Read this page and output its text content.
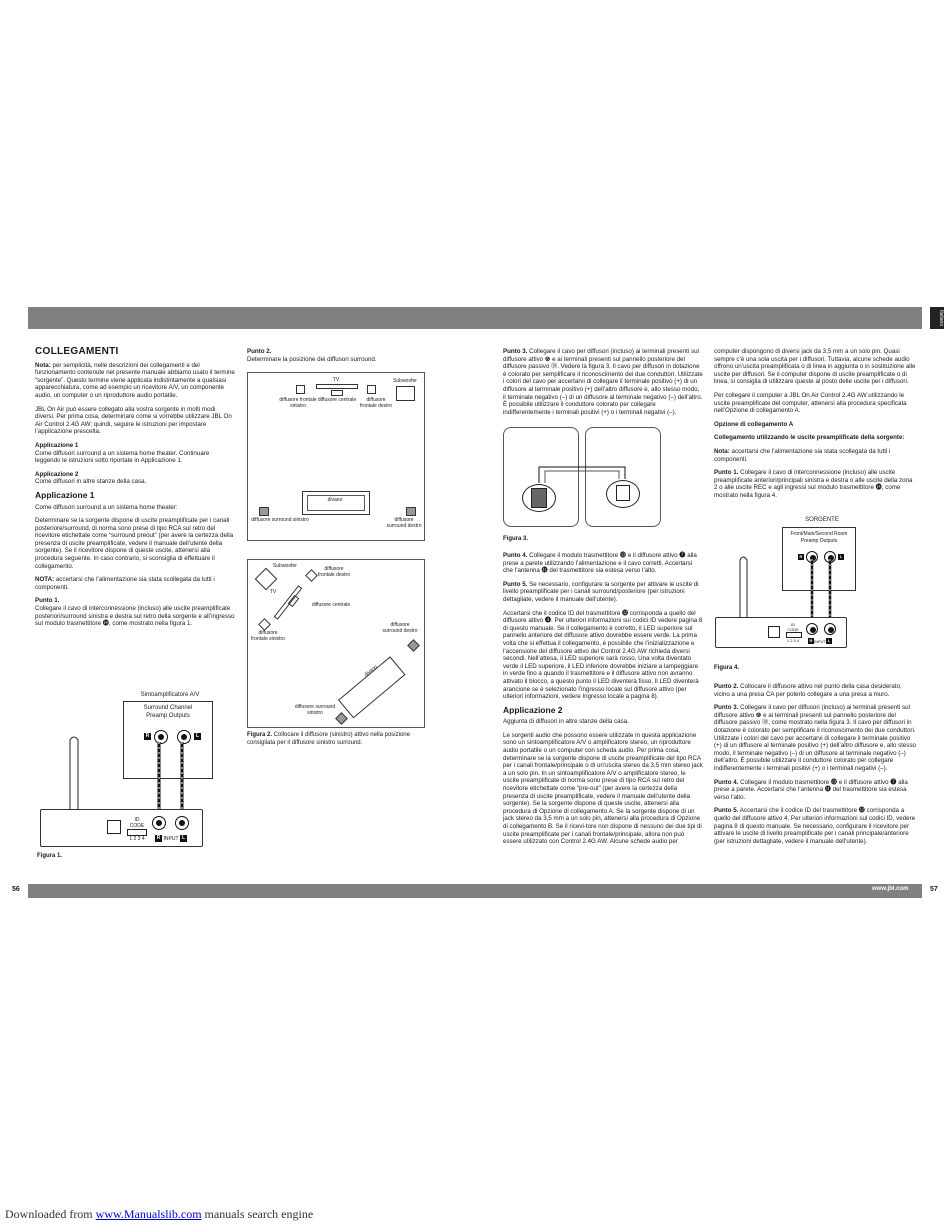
Italiano
COLLEGAMENTI

Nota: per semplicità, nelle descrizioni dei collegamenti e del funzionamento contenute nel presente manuale abbiamo usato il termine “sorgente”. Questo termine viene applicata indistintamente a qualsiasi apparecchiatura, come ad esempio un ricevitore A/V, un componente audio, un computer o un riproduttore audio portatile.

JBL On Air può essere collegato alla vostra sorgente in molti modi diversi. Per prima cosa, determinare come si vorrebbe utilizzare JBL On Air Control 2.4G AW; quindi, seguire le istruzioni per impostare l’applicazione prescelta.

Applicazione 1

Come diffusori surround a un sistema home theater. Continuare leggendo le istruzioni sotto riportate in Applicazione 1.

Applicazione 2

Come diffusori in altre stanze della casa.

Applicazione 1

Come diffusori surround a un sistema home theater:

Determinare se la sorgente dispone di uscite preamplificate per i canali posteriore/surround, di norma sono prese di tipo RCA sul retro del ricevitore etichettate come “surround preout” (per avere la certezza della presenza di uscite preamplificate, vedere il manuale dell’utente della sorgente). Se il ricevitore dispone di queste uscite, attenersi alla procedura seguente. In caso contrario, si sconsiglia di effettuare il collegamento.

NOTA: accertarsi che l’alimentazione sia stata scollegata da tutti i componenti.

Punto 1.

Collegare il cavo di interconnessione (incluso) alle uscite preamplificate posteriori/surround sinistra e destra sul retro della sorgente e all’ingresso sul modulo trasmettitore ⓮, come mostrato nella figura 1.

Sintoamplificatore A/V
Surround Channel
Preamp Outputs
R	L
ID
CODE
1 2 3 4	R INPUT L
Figura 1.
Punto 2.

Determinare la posizione dei diffusori surround.

TV	Subwoofer
diffusore frontale
sinistro
diffusore centrale	diffusore
frontale destro
divano
diffusore surround sinistro	diffusore
surround destro
Subwoofer	diffusore
frontale destro
TV
diffusore centrale
diffusore
frontale sinistro
diffusore
surround destro
divano
diffusore surround
sinistro
Figura 2. Collocare il diffusore (sinistro) attivo nella posizione consigliata per il diffusore sinistro surround.

Punto 3. Collegare il cavo per diffusori (incluso) ai terminali presenti sul diffusore attivo ❻ e ai terminali presenti sul pannello posteriore del diffusore passivo ⓾. Vedere la figura 3. Il cavo per diffusori in dotazione è colorato per semplificare il riconoscimento dei due conduttori. Utilizzate i colori del cavo per accertarvi di collegare il terminale positivo (+) di un diffusore al terminale positivo (+) dell’altro diffusore e, allo stesso modo, il terminale negativo (–) di un diffusore al terminale negativo (–) dell’altro. È possibile utilizzare il conduttore colorato per collegare indifferentemente i terminali positivi (+) o i terminali negativi (–).

Figura 3.

Punto 4. Collegare il modulo trasmettitore ⓭ e il diffusore attivo ❼ alla prese a parete utilizzando l’alimentazione e il cavo corretti. Accertarsi che l’antenna ⓫ del trasmettitore sia estesa verso l’alto.

Punto 5. Se necessario, configurare la sorgente per attivare le uscite di livello preamplificate per i canali surround/posteriore (per istruzioni dettagliate, vedere il manuale dell’utente).

Accertarsi che il codice ID del trasmettitore ⓬ corrisponda a quello del diffusore attivo ❹. Per ulteriori informazioni sui codici ID vedere pagina 8 di questo manuale. Se il collegamento è corretto, il LED superiore sul pannello anteriore del diffusore attivo dovrebbe essere verde. La prima volta che si effettua il collegamento, è possibile che l’inizializzazione e l’accensione del diffusore attivo del Control 2.4G AW richieda diversi secondi. Nell’attesa, il LED superiore sarà rosso. Una volta diventato verde il LED superiore, il LED inferiore dovrebbe iniziare a lampeggiare in verde fino a quando il trasmettitore e il diffusore attivo non avranno attivato il blocco, a questo punto il LED diventerà fisso. Il LED diventerà arancione se è selezionato l’ingresso locale sul diffusore attivo (per ulteriori informazioni, vedere Ingresso locale a pagina 8).

Applicazione 2

Aggiunta di diffusori in altre stanze della casa.

Le sorgenti audio che possono essere utilizzate in questa applicazione sono un sintoamplificatore A/V o amplificatore stereo, un riproduttore audio portatile o un computer con scheda audio. Per prima cosa, determinare se la sorgente dispone di uscite preamplificate del tipo RCA per i canali frontale/principale o di un’uscita stereo da 3,5 mm stereo jack a un solo pin. In un sintoamplificatore A/V o amplificatore stereo, le uscite preamplificate di norma sono prese di tipo RCA sul retro del ricevitore etichettate come “pre-out” (per avere la certezza della presenza di uscite preamplificate, vedere il manuale dell’utente della sorgente). Se la sorgente dispone di queste uscite, attenersi alla procedura di Opzione di collegamento A. Se la sorgente dispone di un jack stereo da 3,5 mm a un solo pin, attenersi alla procedura di Opzione di collegamento B. Se il ricevi-tore non dispone di nessuno dei due tipi di uscite preamplificate per i canali frontale/principale, allora non può essere utilizzato con Control 2.4G AW. Alcune schede audio per

computer dispongono di diversi jack da 3,5 mm a un solo pin. Quasi sempre c’è una sola uscita per i diffusori. Tuttavia, alcune schede audio offrono un’uscita preamplificata o di linea in aggiunta o in sostituzione alle uscite per diffusori. Se il computer dispone di uscite preamplificate o di linea, si consiglia di utilizzare queste al posto delle uscite per i diffusori.

Per collegare il computer a JBL On Air Control 2.4G AW utilizzando le uscite preamplificate del computer, attenersi alla procedura specificata nell’Opzione di collegamento A.

Opzione di collegamento A

Collegamento utilizzando le uscite preamplificate della sorgente:

Nota: accertarsi che l’alimentazione sia stata scollegata da tutti i componenti.

Punto 1. Collegare il cavo di interconnessione (incluso) alle uscite preamplificate anteriori/principali sinistra e destra o alle uscite della zona 2 o alle uscite REC e agli ingressi sul modulo trasmettitore ⓮, come mostrato nella figura 4.

SORGENTE
Front/Main/Second Room
Preamp Outputs
R	L
ID
CODE
1 2 3 4	R INPUT L
Figura 4.

Punto 2. Collocare il diffusore attivo nel punto della casa desiderato, vicino a una presa CA per poterlo collegare a una presa a muro.

Punto 3. Collegare il cavo per diffusori (incluso) ai terminali presenti sul diffusore attivo ❻ e ai terminali presenti sul pannello posteriore del diffusore passivo ⓾, come mostrato nella figura 3. Il cavo per diffusori in dotazione è colorato per semplificare il riconoscimento dei due conduttori. Utilizzate i colori del cavo per accertarvi di collegare il terminale positivo (+) di un diffusore al terminale positivo (+) dell’altro diffusore e, allo stesso modo, il terminale negativo (–) di un diffusore al terminale negativo (–) dell’altro. È possibile utilizzare il conduttore colorato per collegare indifferentemente i terminali positivi (+) o i terminali negativi (–).

Punto 4. Collegare il modulo trasmettitore ⓭ e il diffusore attivo ❼ alla prese a parete. Accertarsi che l’antenna ⓫ del trasmettitore sia estesa verso l’alto.

Punto 5. Accertarsi che il codice ID del trasmettitore ⓬ corrisponda a quello del diffusore attivo 4. Per ulteriori informazioni sul codici ID, vedere pagina 8 di questo manuale. Se necessario, configurare il ricevitore per attivare le uscite di livello preamplificate per i canali principale/anteriore (per istruzioni dettagliate, vedere il manuale dell’utente).

56	www.jbl.com	57
Downloaded from www.Manualslib.com manuals search engine
